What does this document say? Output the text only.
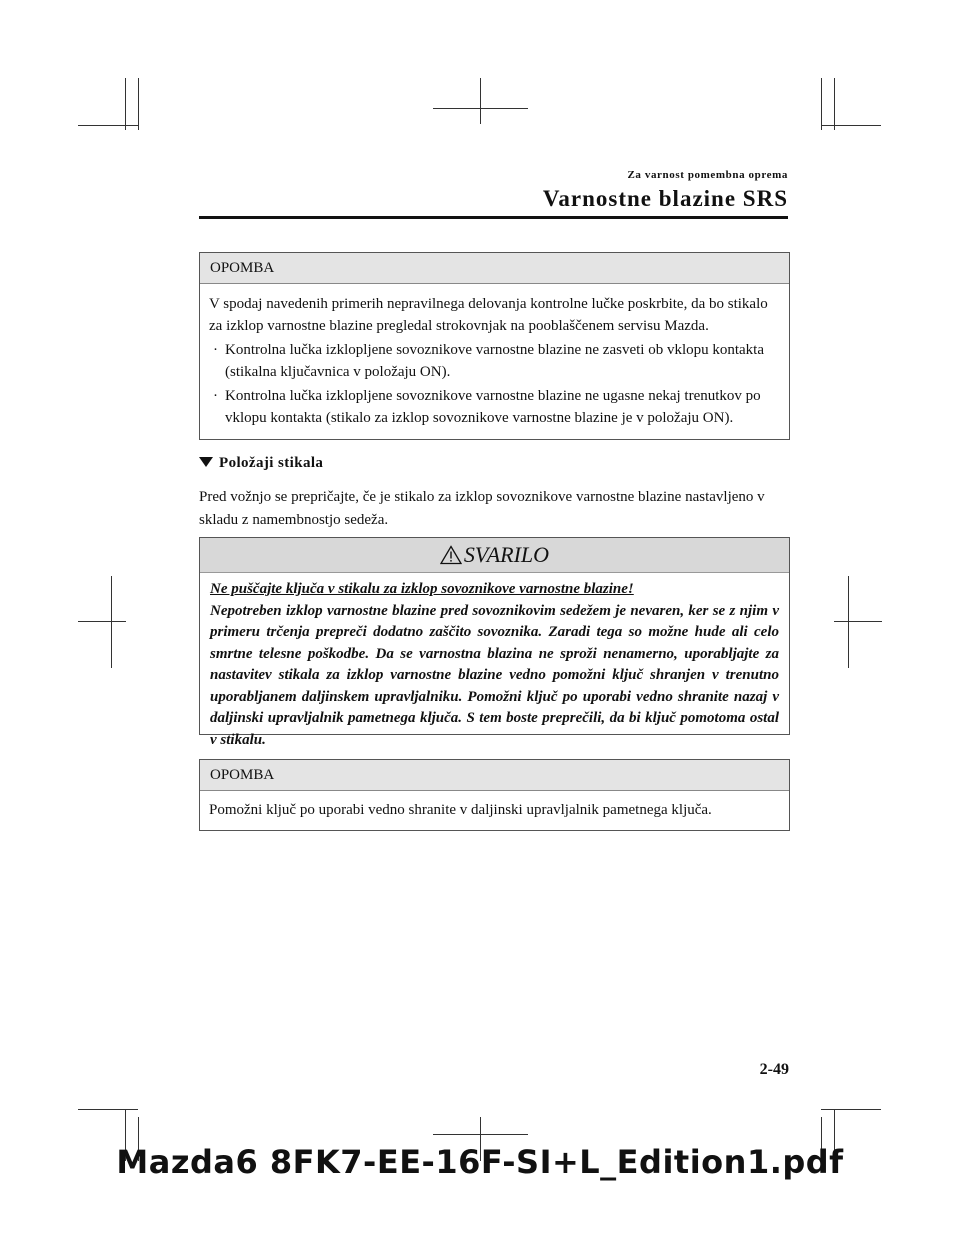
Za varnost pomembna oprema
Varnostne blazine SRS
OPOMBA
V spodaj navedenih primerih nepravilnega delovanja kontrolne lučke poskrbite, da bo stikalo za izklop varnostne blazine pregledal strokovnjak na pooblaščenem servisu Mazda.
· Kontrolna lučka izklopljene sovoznikove varnostne blazine ne zasveti ob vklopu kontakta (stikalna ključavnica v položaju ON).
· Kontrolna lučka izklopljene sovoznikove varnostne blazine ne ugasne nekaj trenutkov po vklopu kontakta (stikalo za izklop sovoznikove varnostne blazine je v položaju ON).
Položaji stikala
Pred vožnjo se prepričajte, če je stikalo za izklop sovoznikove varnostne blazine nastavljeno v skladu z namembnostjo sedeža.
SVARILO
Ne puščajte ključa v stikalu za izklop sovoznikove varnostne blazine!
Nepotreben izklop varnostne blazine pred sovoznikovim sedežem je nevaren, ker se z njim v primeru trčenja prepreči dodatno zaščito sovoznika. Zaradi tega so možne hude ali celo smrtne telesne poškodbe. Da se varnostna blazina ne sproži nenamerno, uporabljajte za nastavitev stikala za izklop varnostne blazine vedno pomožni ključ shranjen v trenutno uporabljanem daljinskem upravljalniku. Pomožni ključ po uporabi vedno shranite nazaj v daljinski upravljalnik pametnega ključa. S tem boste preprečili, da bi ključ pomotoma ostal v stikalu.
OPOMBA
Pomožni ključ po uporabi vedno shranite v daljinski upravljalnik pametnega ključa.
2-49
Mazda6 8FK7-EE-16F-SI+L_Edition1.pdf
